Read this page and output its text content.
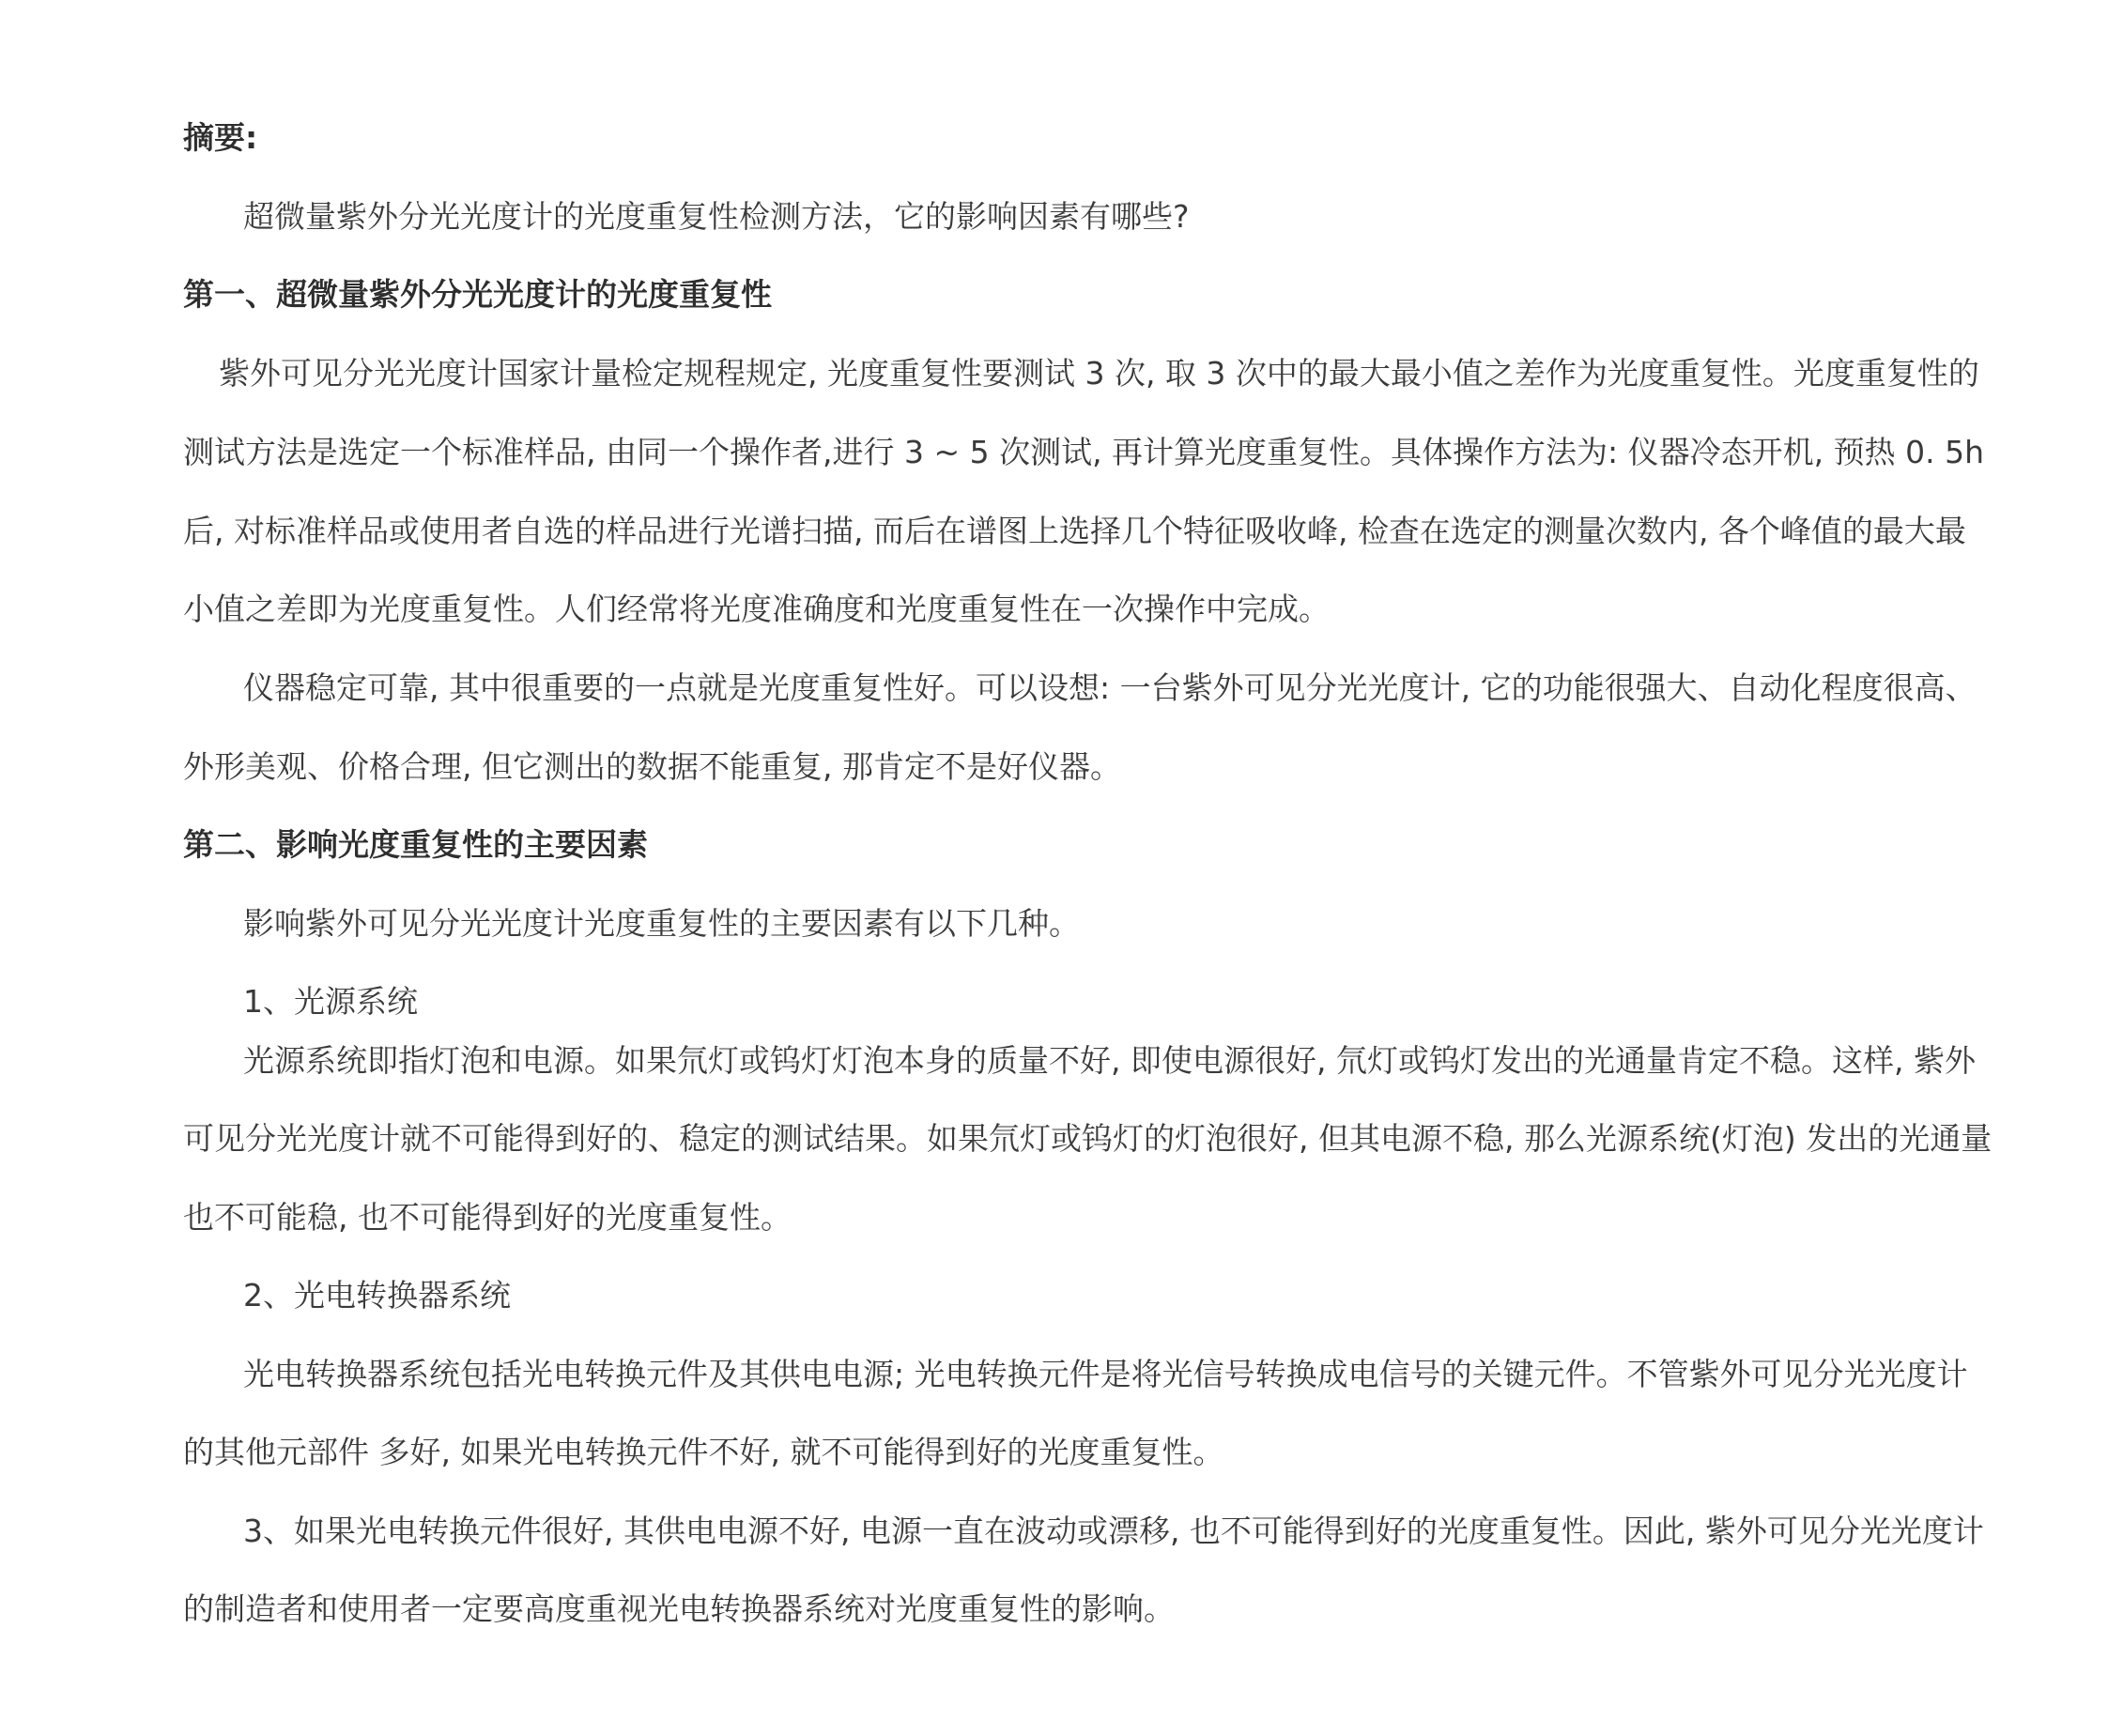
摘要:
超微量紫外分光光度计的光度重复性检测方法，它的影响因素有哪些?
第一、超微量紫外分光光度计的光度重复性
紫外可见分光光度计国家计量检定规程规定, 光度重复性要测试 3 次, 取 3 次中的最大最小值之差作为光度重复性。光度重复性的
测试方法是选定一个标准样品, 由同一个操作者,进行 3 ~ 5 次测试, 再计算光度重复性。具体操作方法为: 仪器冷态开机, 预热 0. 5h
后, 对标准样品或使用者自选的样品进行光谱扫描, 而后在谱图上选择几个特征吸收峰, 检查在选定的测量次数内, 各个峰值的最大最
小值之差即为光度重复性。人们经常将光度准确度和光度重复性在一次操作中完成。
仪器稳定可靠, 其中很重要的一点就是光度重复性好。可以设想: 一台紫外可见分光光度计, 它的功能很强大、自动化程度很高、
外形美观、价格合理, 但它测出的数据不能重复, 那肯定不是好仪器。
第二、影响光度重复性的主要因素
影响紫外可见分光光度计光度重复性的主要因素有以下几种。
1、光源系统
光源系统即指灯泡和电源。如果氘灯或钨灯灯泡本身的质量不好, 即使电源很好, 氘灯或钨灯发出的光通量肯定不稳。这样, 紫外
可见分光光度计就不可能得到好的、稳定的测试结果。如果氘灯或钨灯的灯泡很好, 但其电源不稳, 那么光源系统(灯泡) 发出的光通量
也不可能稳, 也不可能得到好的光度重复性。
2、光电转换器系统
光电转换器系统包括光电转换元件及其供电电源; 光电转换元件是将光信号转换成电信号的关键元件。不管紫外可见分光光度计
的其他元部件 多好, 如果光电转换元件不好, 就不可能得到好的光度重复性。
3、如果光电转换元件很好, 其供电电源不好, 电源一直在波动或漂移, 也不可能得到好的光度重复性。因此, 紫外可见分光光度计
的制造者和使用者一定要高度重视光电转换器系统对光度重复性的影响。
